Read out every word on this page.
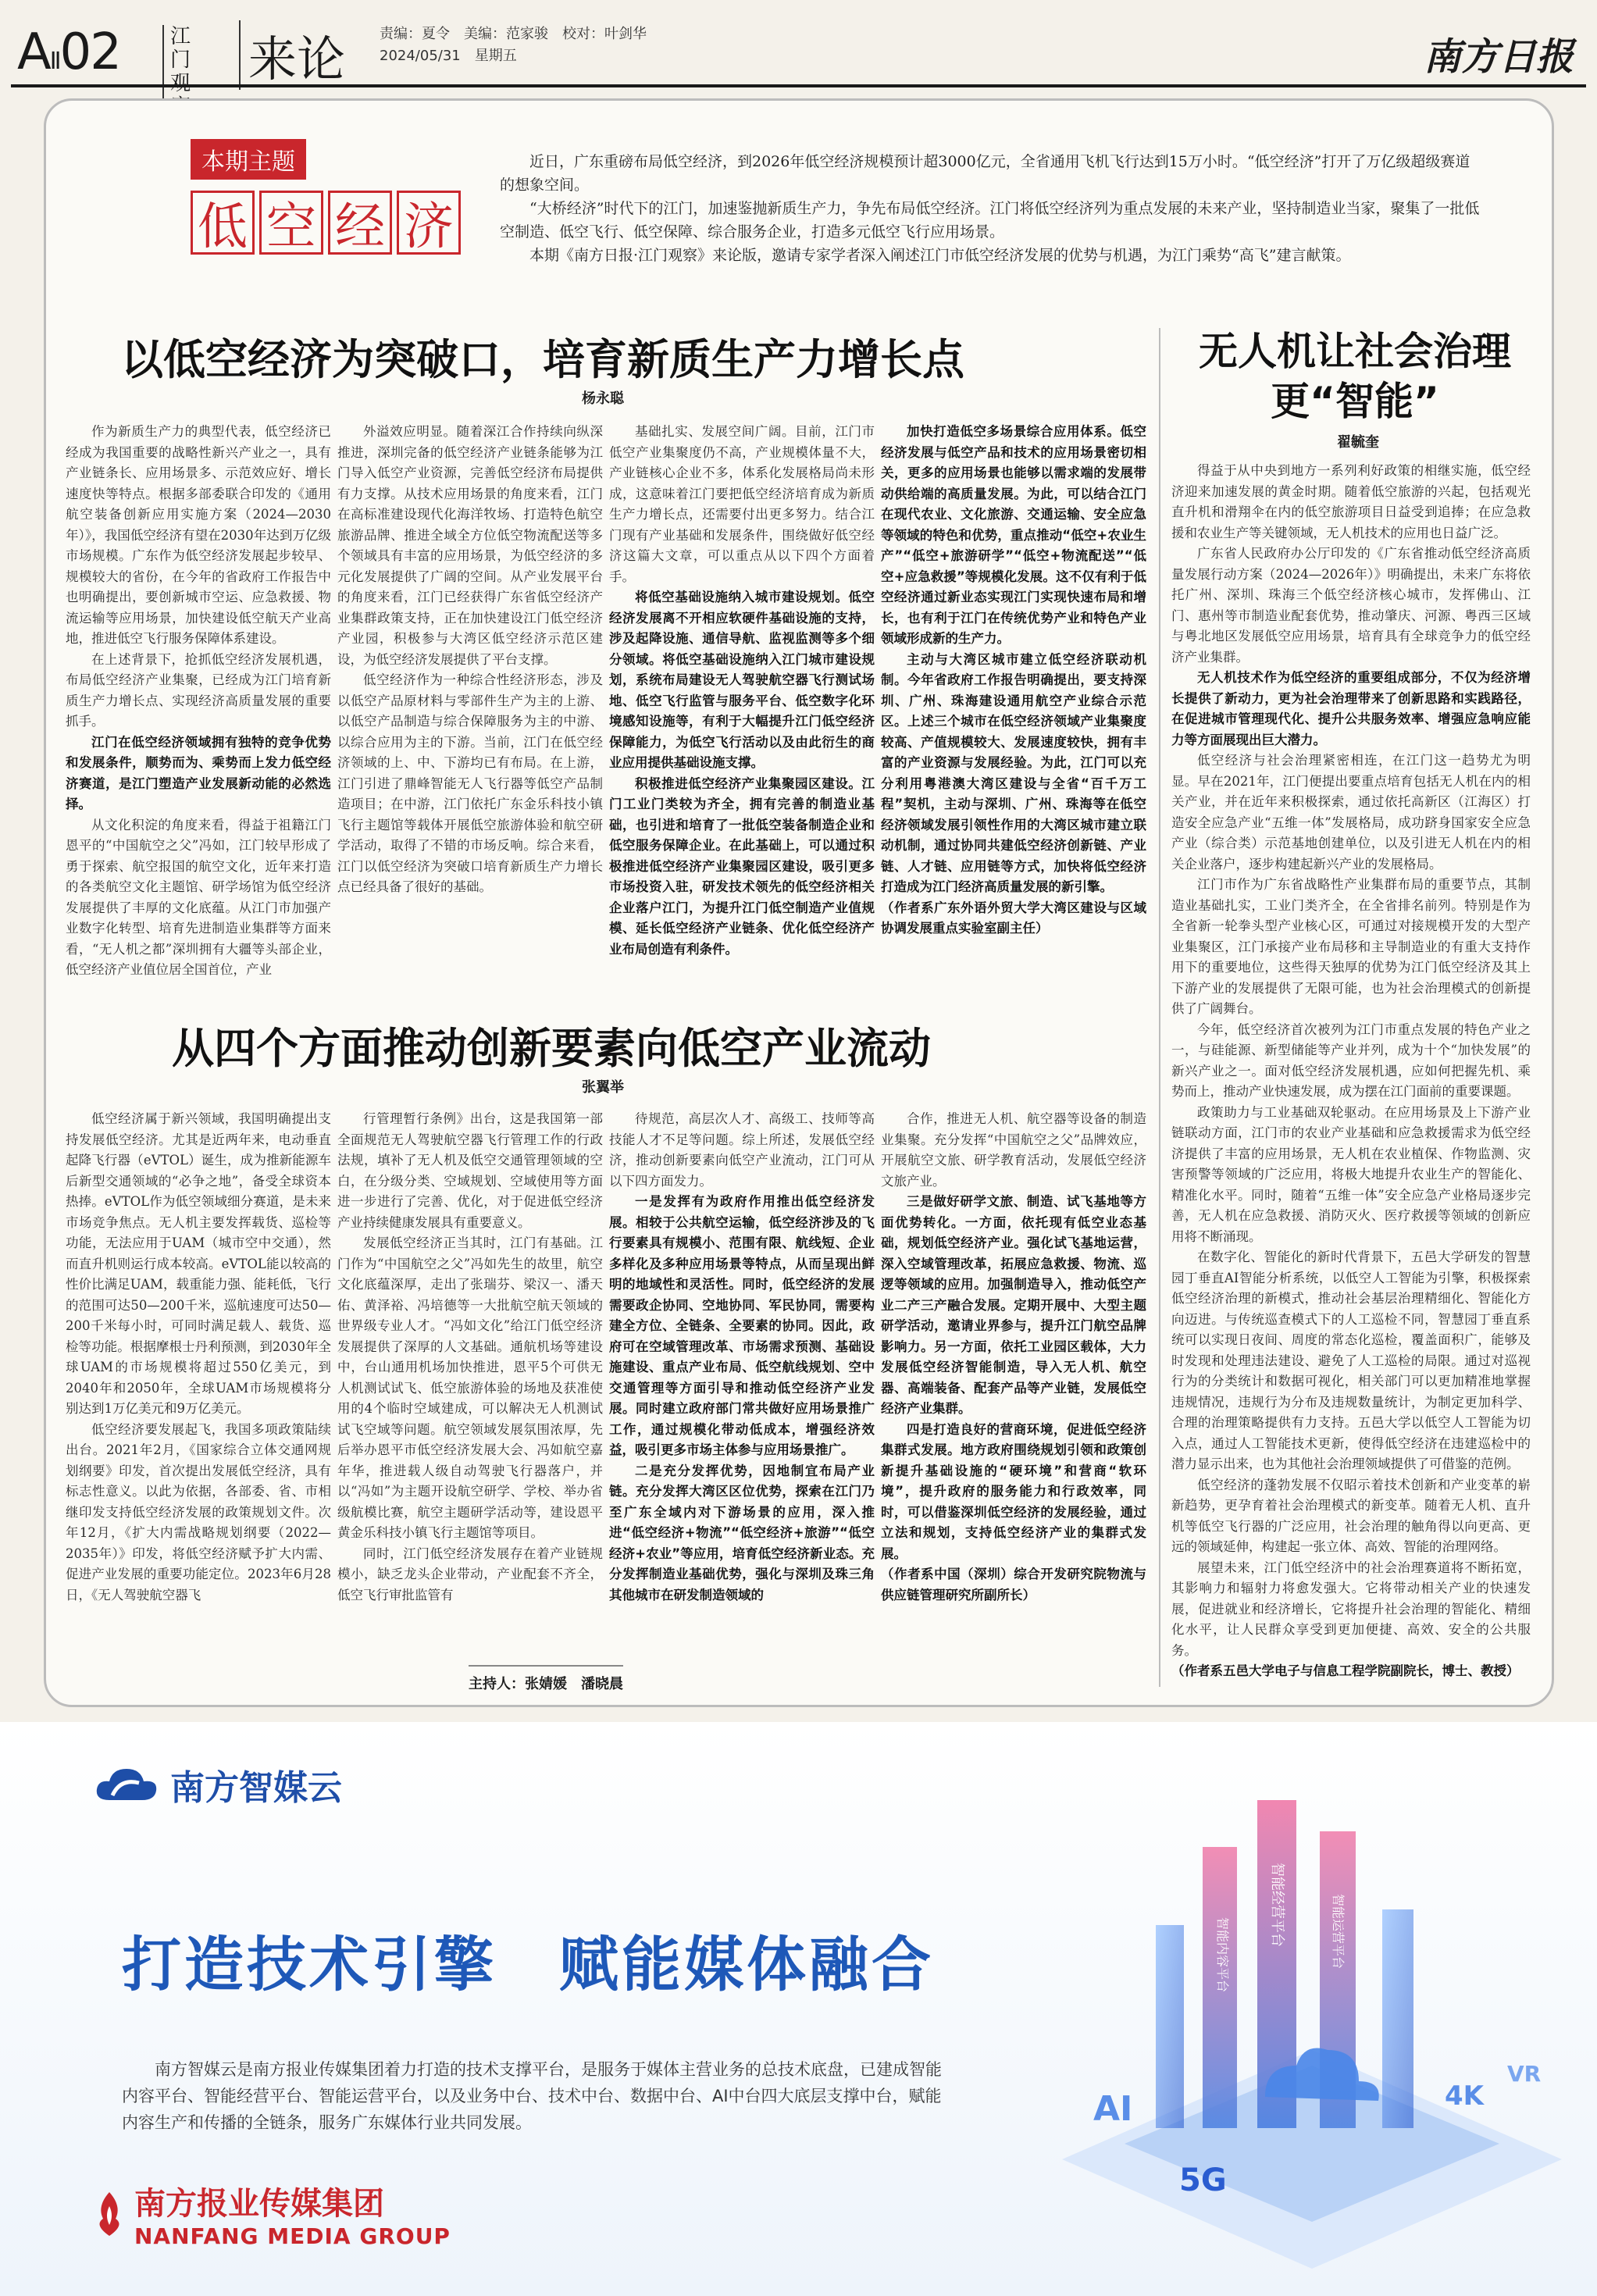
AⅡ02	江门观	来论 责编：夏令　美编：范家骏　校对：叶剑华
2024/05/31　星期五	南方日报
本期主题
低 空 经 济

近日，广东重磅布局低空经济，到2026年低空经济规模预计超3000亿元，全省通用飞机飞行达到15万小时。“低空经济”打开了万亿级超级赛道的想象空间。

“大桥经济”时代下的江门，加速鉴抛新质生产力，争先布局低空经济。江门将低空经济列为重点发展的未来产业，坚持制造业当家，聚集了一批低空制造、低空飞行、低空保障、综合服务企业，打造多元低空飞行应用场景。

本期《南方日报·江门观察》来论版，邀请专家学者深入阐述江门市低空经济发展的优势与机遇，为江门乘势“高飞”建言献策。

以低空经济为突破口，培育新质生产力增长点
杨永聪

作为新质生产力的典型代表，低空经济已经成为我国重要的战略性新兴产业之一，具有产业链条长、应用场景多、示范效应好、增长速度快等特点。根据多部委联合印发的《通用航空装备创新应用实施方案（2024—2030年）》，我国低空经济有望在2030年达到万亿级市场规模。广东作为低空经济发展起步较早、规模较大的省份，在今年的省政府工作报告中也明确提出，要创新城市空运、应急救援、物流运输等应用场景，加快建设低空航天产业高地，推进低空飞行服务保障体系建设。

在上述背景下，抢抓低空经济发展机遇，布局低空经济产业集聚，已经成为江门培育新质生产力增长点、实现经济高质量发展的重要抓手。

江门在低空经济领域拥有独特的竞争优势和发展条件，顺势而为、乘势而上发力低空经济赛道，是江门塑造产业发展新动能的必然选择。

从文化积淀的角度来看，得益于祖籍江门恩平的“中国航空之父”冯如，江门较早形成了勇于探索、航空报国的航空文化，近年来打造的各类航空文化主题馆、研学场馆为低空经济发展提供了丰厚的文化底蕴。从江门市加强产业数字化转型、培育先进制造业集群等方面来看，“无人机之都”深圳拥有大疆等头部企业，低空经济产业值位居全国首位，产业

外溢效应明显。随着深江合作持续向纵深推进，深圳完备的低空经济产业链条能够为江门导入低空产业资源，完善低空经济布局提供有力支撑。从技术应用场景的角度来看，江门在高标准建设现代化海洋牧场、打造特色航空旅游品牌、推进全域全方位低空物流配送等多个领域具有丰富的应用场景，为低空经济的多元化发展提供了广阔的空间。从产业发展平台的角度来看，江门已经获得广东省低空经济产业集群政策支持，正在加快建设江门低空经济产业园，积极参与大湾区低空经济示范区建设，为低空经济发展提供了平台支撑。

低空经济作为一种综合性经济形态，涉及以低空产品原材料与零部件生产为主的上游、以低空产品制造与综合保障服务为主的中游、以综合应用为主的下游。当前，江门在低空经济领域的上、中、下游均已有布局。在上游，江门引进了鼎峰智能无人飞行器等低空产品制造项目；在中游，江门依托广东金乐科技小镇飞行主题馆等载体开展低空旅游体验和航空研学活动，取得了不错的市场反响。综合来看，江门以低空经济为突破口培育新质生产力增长点已经具备了很好的基础。

基础扎实、发展空间广阔。目前，江门市低空产业集聚度仍不高，产业规模体量不大，产业链核心企业不多，体系化发展格局尚未形成，这意味着江门要把低空经济培育成为新质生产力增长点，还需要付出更多努力。结合江门现有产业基础和发展条件，围绕做好低空经济这篇大文章，可以重点从以下四个方面着手。

将低空基础设施纳入城市建设规划。低空经济发展离不开相应软硬件基础设施的支持，涉及起降设施、通信导航、监视监测等多个细分领域。将低空基础设施纳入江门城市建设规划，系统布局建设无人驾驶航空器飞行测试场地、低空飞行监管与服务平台、低空数字化环境感知设施等，有利于大幅提升江门低空经济保障能力，为低空飞行活动以及由此衍生的商业应用提供基础设施支撑。

积极推进低空经济产业集聚园区建设。江门工业门类较为齐全，拥有完善的制造业基础，也引进和培育了一批低空装备制造企业和低空服务保障企业。在此基础上，可以通过积极推进低空经济产业集聚园区建设，吸引更多市场投资入驻，研发技术领先的低空经济相关企业落户江门，为提升江门低空制造产业值规模、延长低空经济产业链条、优化低空经济产业布局创造有利条件。

加快打造低空多场景综合应用体系。低空经济发展与低空产品和技术的应用场景密切相关，更多的应用场景也能够以需求端的发展带动供给端的高质量发展。为此，可以结合江门在现代农业、文化旅游、交通运输、安全应急等领域的特色和优势，重点推动“低空+农业生产”“低空+旅游研学”“低空+物流配送”“低空+应急救援”等规模化发展。这不仅有利于低空经济通过新业态实现江门实现快速布局和增长，也有利于江门在传统优势产业和特色产业领域形成新的生产力。

主动与大湾区城市建立低空经济联动机制。今年省政府工作报告明确提出，要支持深圳、广州、珠海建设通用航空产业综合示范区。上述三个城市在低空经济领域产业集聚度较高、产值规模较大、发展速度较快，拥有丰富的产业资源与发展经验。为此，江门可以充分利用粤港澳大湾区建设与全省“百千万工程”契机，主动与深圳、广州、珠海等在低空经济领域发展引领性作用的大湾区城市建立联动机制，通过协同共建低空经济创新链、产业链、人才链、应用链等方式，加快将低空经济打造成为江门经济高质量发展的新引擎。

（作者系广东外语外贸大学大湾区建设与区域协调发展重点实验室副主任）

从四个方面推动创新要素向低空产业流动
张翼举

低空经济属于新兴领域，我国明确提出支持发展低空经济。尤其是近两年来，电动垂直起降飞行器（eVTOL）诞生，成为推新能源车后新型交通领域的“必争之地”，备受全球资本热捧。eVTOL作为低空领域细分赛道，是未来市场竞争焦点。无人机主要发挥载货、巡检等功能，无法应用于UAM（城市空中交通），然而直升机则运行成本较高。eVTOL能以较高的性价比满足UAM，载重能力强、能耗低，飞行的范围可达50—200千米，巡航速度可达50—200千米每小时，可同时满足载人、载货、巡检等功能。根据摩根士丹利预测，到2030年全球UAM的市场规模将超过550亿美元，到2040年和2050年，全球UAM市场规模将分别达到1万亿美元和9万亿美元。

低空经济要发展起飞，我国多项政策陆续出台。2021年2月，《国家综合立体交通网规划纲要》印发，首次提出发展低空经济，具有标志性意义。以此为依据，各部委、省、市相继印发支持低空经济发展的政策规划文件。次年12月，《扩大内需战略规划纲要（2022—2035年）》印发，将低空经济赋予扩大内需、促进产业发展的重要功能定位。2023年6月28日，《无人驾驶航空器飞

行管理暂行条例》出台，这是我国第一部全面规范无人驾驶航空器飞行管理工作的行政法规，填补了无人机及低空交通管理领域的空白，在分级分类、空域规划、空域使用等方面进一步进行了完善、优化，对于促进低空经济产业持续健康发展具有重要意义。

发展低空经济正当其时，江门有基础。江门作为“中国航空之父”冯如先生的故里，航空文化底蕴深厚，走出了张瑞芬、梁汉一、潘天佑、黄泽裕、冯培德等一大批航空航天领域的世界级专业人才。“冯如文化”给江门低空经济发展提供了深厚的人文基础。通航机场等建设中，台山通用机场加快推进，恩平5个可供无人机测试试飞、低空旅游体验的场地及获准使用的4个临时空域建成，可以解决无人机测试试飞空域等问题。航空领域发展氛围浓厚，先后举办恩平市低空经济发展大会、冯如航空嘉年华，推进载人级自动驾驶飞行器落户，并以“冯如”为主题开设航空研学、学校、举办省级航模比赛，航空主题研学活动等，建设恩平黄金乐科技小镇飞行主题馆等项目。

同时，江门低空经济发展存在着产业链规模小，缺乏龙头企业带动，产业配套不齐全，低空飞行审批监管有

待规范，高层次人才、高级工、技师等高技能人才不足等问题。综上所述，发展低空经济，推动创新要素向低空产业流动，江门可从以下四方面发力。

一是发挥有为政府作用推出低空经济发展。相较于公共航空运输，低空经济涉及的飞行要素具有规模小、范围有限、航线短、企业多样化及多种应用场景等特点，从而呈现出鲜明的地域性和灵活性。同时，低空经济的发展需要政企协同、空地协同、军民协同，需要构建全方位、全链条、全要素的协同。因此，政府可在空域管理改革、市场需求预测、基础设施建设、重点产业布局、低空航线规划、空中交通管理等方面引导和推动低空经济产业发展。同时建立政府部门常共做好应用场景推广工作，通过规模化带动低成本，增强经济效益，吸引更多市场主体参与应用场景推广。

二是充分发挥优势，因地制宜布局产业链。充分发挥大湾区区位优势，探索在江门乃至广东全域内对下游场景的应用，深入推进“低空经济+物流”“低空经济+旅游”“低空经济+农业”等应用，培育低空经济新业态。充分发挥制造业基础优势，强化与深圳及珠三角其他城市在研发制造领域的

合作，推进无人机、航空器等设备的制造业集聚。充分发挥“中国航空之父”品牌效应，开展航空文旅、研学教育活动，发展低空经济文旅产业。

三是做好研学文旅、制造、试飞基地等方面优势转化。一方面，依托现有低空业态基础，规划低空经济产业。强化试飞基地运营，深入空域管理改革，拓展应急救援、物流、巡逻等领域的应用。加强制造导入，推动低空产业二产三产融合发展。定期开展中、大型主题研学活动，邀请业界参与，提升江门航空品牌影响力。另一方面，依托工业园区载体，大力发展低空经济智能制造，导入无人机、航空器、高端装备、配套产品等产业链，发展低空经济产业集群。

四是打造良好的营商环境，促进低空经济集群式发展。地方政府围绕规划引领和政策创新提升基础设施的“硬环境”和营商“软环境”，提升政府的服务能力和行政效率，同时，可以借鉴深圳低空经济的发展经验，通过立法和规划，支持低空经济产业的集群式发展。

（作者系中国（深圳）综合开发研究院物流与供应链管理研究所副所长）

无人机让社会治理
更“智能”
翟毓奎

得益于从中央到地方一系列利好政策的相继实施，低空经济迎来加速发展的黄金时期。随着低空旅游的兴起，包括观光直升机和滑翔伞在内的低空旅游项目日益受到追捧；在应急救援和农业生产等关键领域，无人机技术的应用也日益广泛。

广东省人民政府办公厅印发的《广东省推动低空经济高质量发展行动方案（2024—2026年）》明确提出，未来广东将依托广州、深圳、珠海三个低空经济核心城市，发挥佛山、江门、惠州等市制造业配套优势，推动肇庆、河源、粤西三区域与粤北地区发展低空应用场景，培育具有全球竞争力的低空经济产业集群。

无人机技术作为低空经济的重要组成部分，不仅为经济增长提供了新动力，更为社会治理带来了创新思路和实践路径，在促进城市管理现代化、提升公共服务效率、增强应急响应能力等方面展现出巨大潜力。

低空经济与社会治理紧密相连，在江门这一趋势尤为明显。早在2021年，江门便提出要重点培育包括无人机在内的相关产业，并在近年来积极探索，通过依托高新区（江海区）打造安全应急产业“五维一体”发展格局，成功跻身国家安全应急产业（综合类）示范基地创建单位，以及引进无人机在内的相关企业落户，逐步构建起新兴产业的发展格局。

江门市作为广东省战略性产业集群布局的重要节点，其制造业基础扎实，工业门类齐全，在全省排名前列。特别是作为全省新一轮拳头型产业核心区，可通过对接规模开发的大型产业集聚区，江门承接产业布局移和主导制造业的有重大支持作用下的重要地位，这些得天独厚的优势为江门低空经济及其上下游产业的发展提供了无限可能，也为社会治理模式的创新提供了广阔舞台。

今年，低空经济首次被列为江门市重点发展的特色产业之一，与硅能源、新型储能等产业并列，成为十个“加快发展”的新兴产业之一。面对低空经济发展机遇，应如何把握先机、乘势而上，推动产业快速发展，成为摆在江门面前的重要课题。

政策助力与工业基础双轮驱动。在应用场景及上下游产业链联动方面，江门市的农业产业基础和应急救援需求为低空经济提供了丰富的应用场景，无人机在农业植保、作物监测、灾害预警等领域的广泛应用，将极大地提升农业生产的智能化、精准化水平。同时，随着“五维一体”安全应急产业格局逐步完善，无人机在应急救援、消防灭火、医疗救援等领域的创新应用将不断涌现。

在数字化、智能化的新时代背景下，五邑大学研发的智慧园丁垂直AI智能分析系统，以低空人工智能为引擎，积极探索低空经济治理的新模式，推动社会基层治理精细化、智能化方向迈进。与传统巡查模式下的人工巡检不同，智慧园丁垂直系统可以实现日夜间、周度的常态化巡检，覆盖面积广，能够及时发现和处理违法建设、避免了人工巡检的局限。通过对巡视行为的分类统计和数据可视化，相关部门可以更加精准地掌握违规情况，违规行为分布及违规数量统计，为制定更加科学、合理的治理策略提供有力支持。五邑大学以低空人工智能为切入点，通过人工智能技术更新，使得低空经济在违建巡检中的潜力显示出来，也为其他社会治理领域提供了可借鉴的范例。

低空经济的蓬勃发展不仅昭示着技术创新和产业变革的崭新趋势，更孕育着社会治理模式的新变革。随着无人机、直升机等低空飞行器的广泛应用，社会治理的触角得以向更高、更远的领域延伸，构建起一张立体、高效、智能的治理网络。

展望未来，江门低空经济中的社会治理赛道将不断拓宽，其影响力和辐射力将愈发强大。它将带动相关产业的快速发展，促进就业和经济增长，它将提升社会治理的智能化、精细化水平，让人民群众享受到更加便捷、高效、安全的公共服务。

（作者系五邑大学电子与信息工程学院副院长，博士、教授）

主持人：张婧媛　潘晓晨
南方智媒云
打造技术引擎　赋能媒体融合
南方智媒云是南方报业传媒集团着力打造的技术支撑平台，是服务于媒体主营业务的总技术底盘，已建成智能内容平台、智能经营平台、智能运营平台，以及业务中台、技术中台、数据中台、AI中台四大底层支撑中台，赋能内容生产和传播的全链条，服务广东媒体行业共同发展。
南方报业传媒集团
NANFANG MEDIA GROUP
智能经营平台
智能内容平台	智能运营平台
5G
AI	4K
VR
